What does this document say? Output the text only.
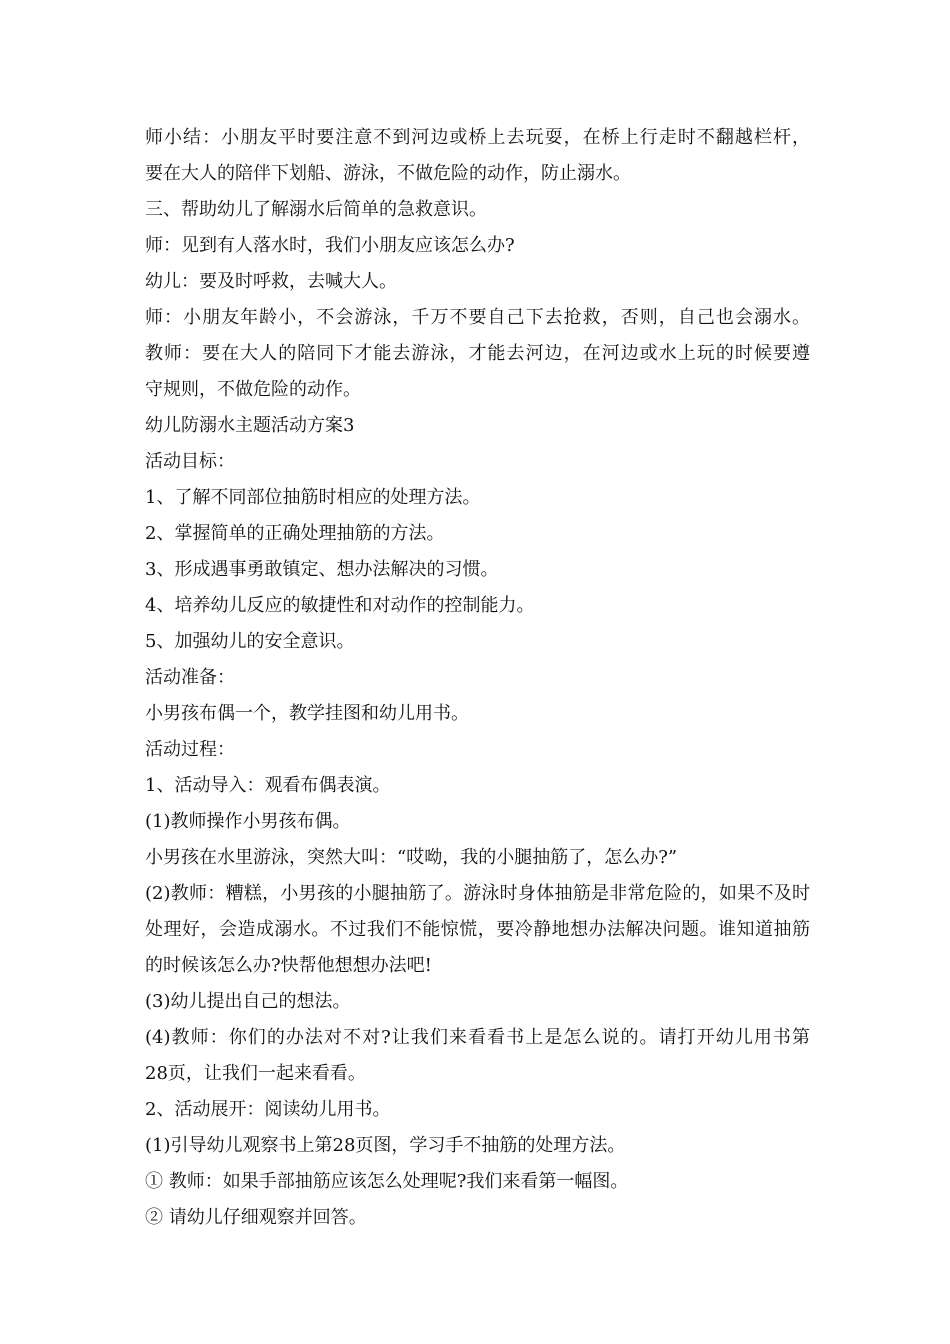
师小结：小朋友平时要注意不到河边或桥上去玩耍，在桥上行走时不翻越栏杆，
要在大人的陪伴下划船、游泳，不做危险的动作，防止溺水。
三、帮助幼儿了解溺水后简单的急救意识。
师：见到有人落水时，我们小朋友应该怎么办?
幼儿：要及时呼救，去喊大人。
师：小朋友年龄小，不会游泳，千万不要自己下去抢救，否则，自己也会溺水。
教师：要在大人的陪同下才能去游泳，才能去河边，在河边或水上玩的时候要遵
守规则，不做危险的动作。
幼儿防溺水主题活动方案3
活动目标：
1、了解不同部位抽筋时相应的处理方法。
2、掌握简单的正确处理抽筋的方法。
3、形成遇事勇敢镇定、想办法解决的习惯。
4、培养幼儿反应的敏捷性和对动作的控制能力。
5、加强幼儿的安全意识。
活动准备：
小男孩布偶一个，教学挂图和幼儿用书。
活动过程：
1、活动导入：观看布偶表演。
(1)教师操作小男孩布偶。
小男孩在水里游泳，突然大叫：“哎呦，我的小腿抽筋了，怎么办?”
(2)教师：糟糕，小男孩的小腿抽筋了。游泳时身体抽筋是非常危险的，如果不及时
处理好，会造成溺水。不过我们不能惊慌，要冷静地想办法解决问题。谁知道抽筋
的时候该怎么办?快帮他想想办法吧!
(3)幼儿提出自己的想法。
(4)教师：你们的办法对不对?让我们来看看书上是怎么说的。请打开幼儿用书第
28页，让我们一起来看看。
2、活动展开：阅读幼儿用书。
(1)引导幼儿观察书上第28页图，学习手不抽筋的处理方法。
① 教师：如果手部抽筋应该怎么处理呢?我们来看第一幅图。
② 请幼儿仔细观察并回答。
